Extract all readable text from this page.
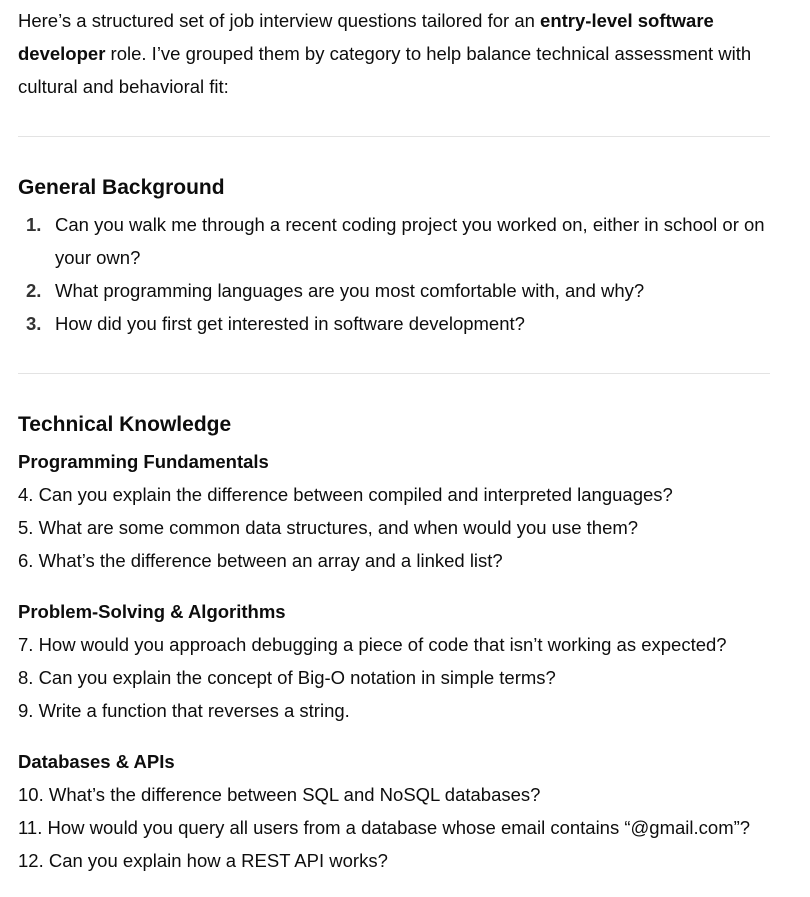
Here’s a structured set of job interview questions tailored for an entry-level software developer role. I’ve grouped them by category to help balance technical assessment with cultural and behavioral fit:

General Background
1. Can you walk me through a recent coding project you worked on, either in school or on your own?
2. What programming languages are you most comfortable with, and why?
3. How did you first get interested in software development?
Technical Knowledge
Programming Fundamentals

4. Can you explain the difference between compiled and interpreted languages?

5. What are some common data structures, and when would you use them?

6. What’s the difference between an array and a linked list?

Problem-Solving & Algorithms

7. How would you approach debugging a piece of code that isn’t working as expected?

8. Can you explain the concept of Big-O notation in simple terms?

9. Write a function that reverses a string.

Databases & APIs

10. What’s the difference between SQL and NoSQL databases?

11. How would you query all users from a database whose email contains “@gmail.com”?

12. Can you explain how a REST API works?
